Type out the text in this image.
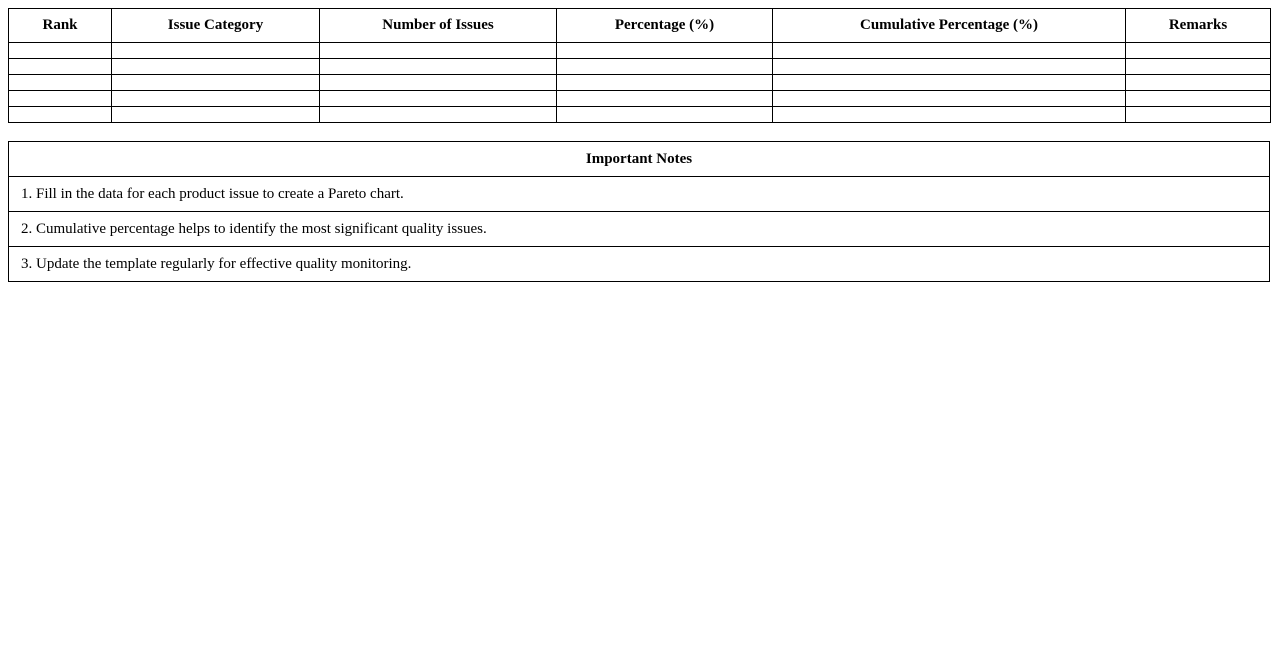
Rank	Issue Category	Number of Issues	Percentage (%)	Cumulative Percentage (%)	Remarks

Important Notes
1. Fill in the data for each product issue to create a Pareto chart.
2. Cumulative percentage helps to identify the most significant quality issues.
3. Update the template regularly for effective quality monitoring.
